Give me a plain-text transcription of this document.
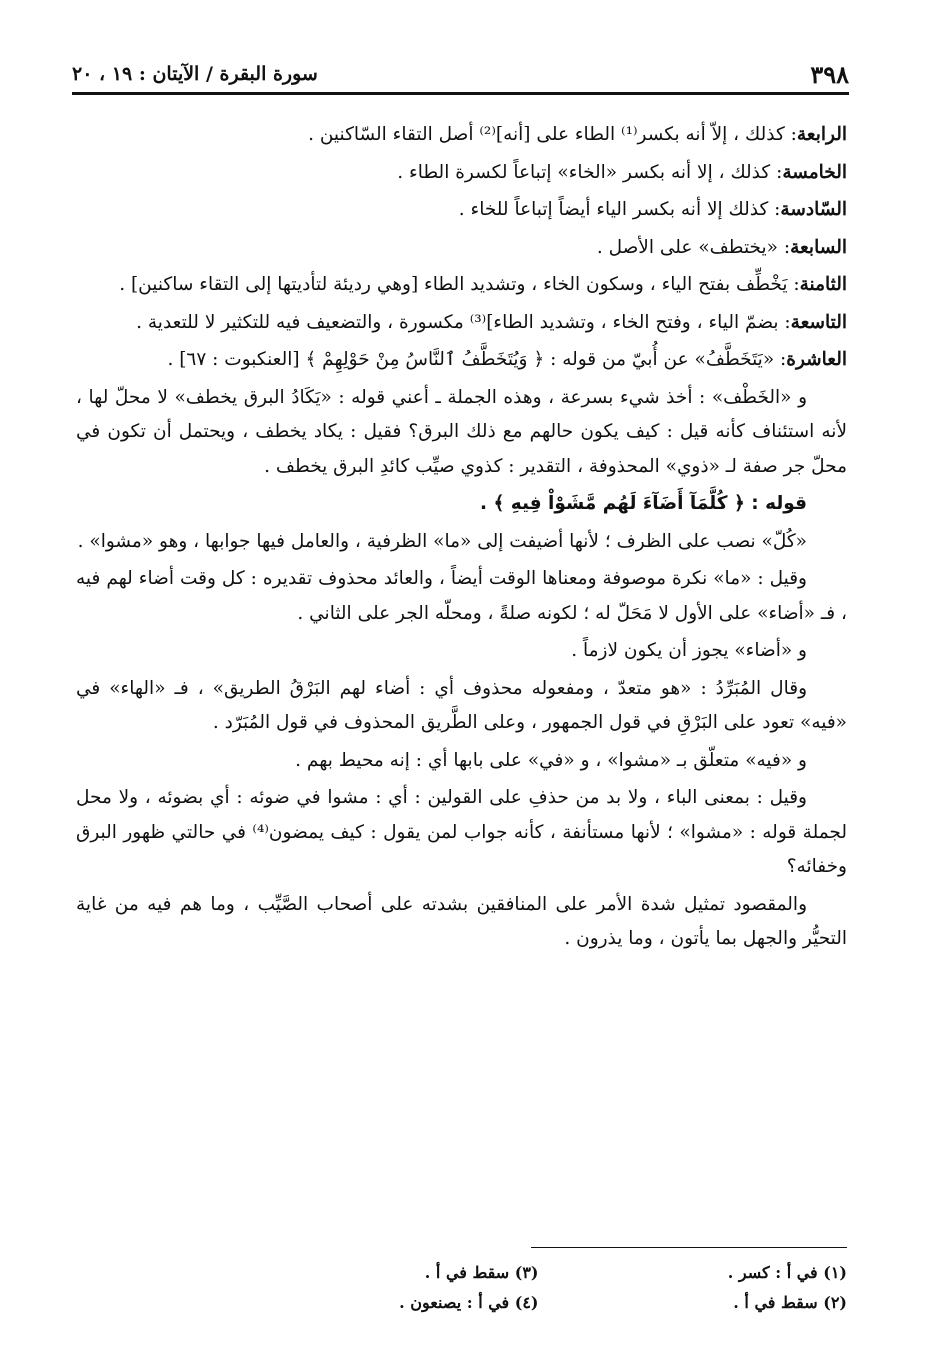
٣٩٨
سورة البقرة / الآيتان : ١٩ ، ٢٠

الرابعة: كذلك ، إلاّ أنه بكسر⁽¹⁾ الطاء على [أنه]⁽²⁾ أصل التقاء السّاكنين .

الخامسة: كذلك ، إلا أنه بكسر «الخاء» إتباعاً لكسرة الطاء .

السّادسة: كذلك إلا أنه بكسر الياء أيضاً إتباعاً للخاء .

السابعة: «يختطف» على الأصل .

الثامنة: يَخْطِّف بفتح الياء ، وسكون الخاء ، وتشديد الطاء [وهي رديئة لتأديتها إلى التقاء ساكنين] .

التاسعة: بضمّ الياء ، وفتح الخاء ، وتشديد الطاء]⁽³⁾ مكسورة ، والتضعيف فيه للتكثير لا للتعدية .

العاشرة: «يَتَخَطَّفُ» عن أُبيّ من قوله : ﴿ وَيُتَخَطَّفُ ٱلنَّاسُ مِنْ حَوْلِهِمْ ﴾ [العنكبوت : ٦٧] .

و «الخَطْف» : أخذ شيء بسرعة ، وهذه الجملة ـ أعني قوله : «يَكَادُ البرق يخطف» لا محلّ لها ، لأنه استئناف كأنه قيل : كيف يكون حالهم مع ذلك البرق؟ فقيل : يكاد يخطف ، ويحتمل أن تكون في محلّ جر صفة لـ «ذوي» المحذوفة ، التقدير : كذوي صيِّب كائدِ البرق يخطف .

قوله : ﴿ كُلَّمَآ أَضَآءَ لَهُم مَّشَوْاْ فِيهِ ﴾ .

«كُلّ» نصب على الظرف ؛ لأنها أضيفت إلى «ما» الظرفية ، والعامل فيها جوابها ، وهو «مشوا» .

وقيل : «ما» نكرة موصوفة ومعناها الوقت أيضاً ، والعائد محذوف تقديره : كل وقت أضاء لهم فيه ، فـ «أضاء» على الأول لا مَحَلّ له ؛ لكونه صلةً ، ومحلّه الجر على الثاني .

و «أضاء» يجوز أن يكون لازماً .

وقال المُبَرِّدُ : «هو متعدّ ، ومفعوله محذوف أي : أضاء لهم البَرْقُ الطريق» ، فـ «الهاء» في «فيه» تعود على البَرْقِ في قول الجمهور ، وعلى الطَّريق المحذوف في قول المُبَرّد .

و «فيه» متعلّق بـ «مشوا» ، و «في» على بابها أي : إنه محيط بهم .

وقيل : بمعنى الباء ، ولا بد من حذفِ على القولين : أي : مشوا في ضوئه : أي بضوئه ، ولا محل لجملة قوله : «مشوا» ؛ لأنها مستأنفة ، كأنه جواب لمن يقول : كيف يمضون⁽⁴⁾ في حالتي ظهور البرق وخفائه؟

والمقصود تمثيل شدة الأمر على المنافقين بشدته على أصحاب الصَّيِّب ، وما هم فيه من غاية التحيُّر والجهل بما يأتون ، وما يذرون .

(١) في أ : كسر .
(٣) سقط في أ .
(٢) سقط في أ .
(٤) في أ : يصنعون .
